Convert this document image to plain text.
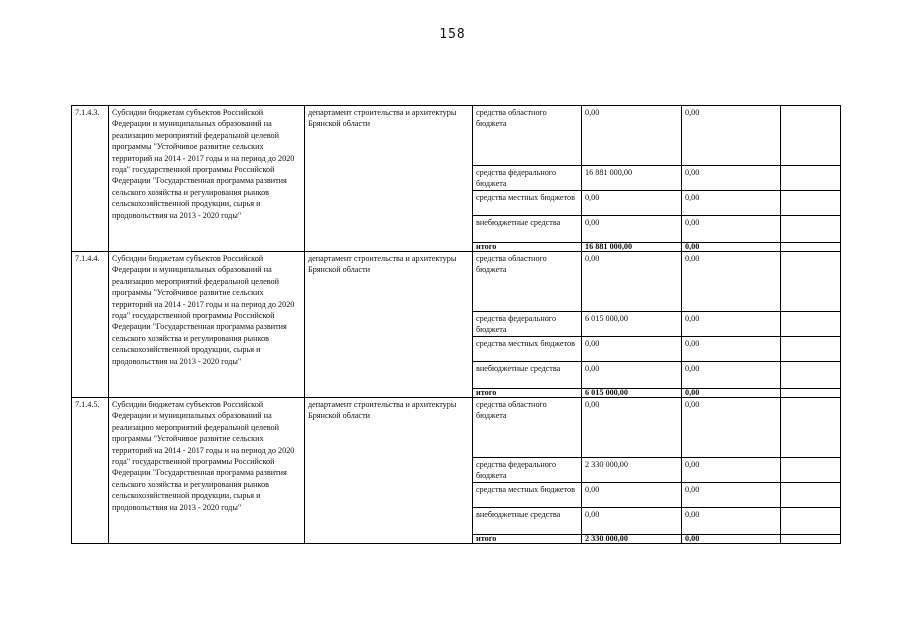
158
7.1.4.3.	Субсидии бюджетам субъектов Российской Федерации и муниципальных образований на реализацию мероприятий федеральной целевой программы "Устойчивое развитие сельских территорий на 2014 - 2017 годы и на период до 2020 года" государственной программы Российской Федерации "Государственная программа развития сельского хозяйства и регулирования рынков сельскохозяйственной продукции, сырья и продовольствия на 2013 - 2020 годы"	департамент строительства и архитектуры Брянской области	средства областного бюджета	0,00	0,00	
			средства федерального бюджета	16 881 000,00	0,00	
			средства местных бюджетов	0,00	0,00	
			внебюджетные средства	0,00	0,00	
			итого	16 881 000,00	0,00	
7.1.4.4.	Субсидии бюджетам субъектов Российской Федерации и муниципальных образований на реализацию мероприятий федеральной целевой программы "Устойчивое развитие сельских территорий на 2014 - 2017 годы и на период до 2020 года" государственной программы Российской Федерации "Государственная программа развития сельского хозяйства и регулирования рынков сельскохозяйственной продукции, сырья и продовольствия на 2013 - 2020 годы"	департамент строительства и архитектуры Брянской области	средства областного бюджета	0,00	0,00	
			средства федерального бюджета	6 015 000,00	0,00	
			средства местных бюджетов	0,00	0,00	
			внебюджетные средства	0,00	0,00	
			итого	6 015 000,00	0,00	
7.1.4.5.	Субсидии бюджетам субъектов Российской Федерации и муниципальных образований на реализацию мероприятий федеральной целевой программы "Устойчивое развитие сельских территорий на 2014 - 2017 годы и на период до 2020 года" государственной программы Российской Федерации "Государственная программа развития сельского хозяйства и регулирования рынков сельскохозяйственной продукции, сырья и продовольствия на 2013 - 2020 годы"	департамент строительства и архитектуры Брянской области	средства областного бюджета	0,00	0,00	
			средства федерального бюджета	2 330 000,00	0,00	
			средства местных бюджетов	0,00	0,00	
			внебюджетные средства	0,00	0,00	
			итого	2 330 000,00	0,00	
